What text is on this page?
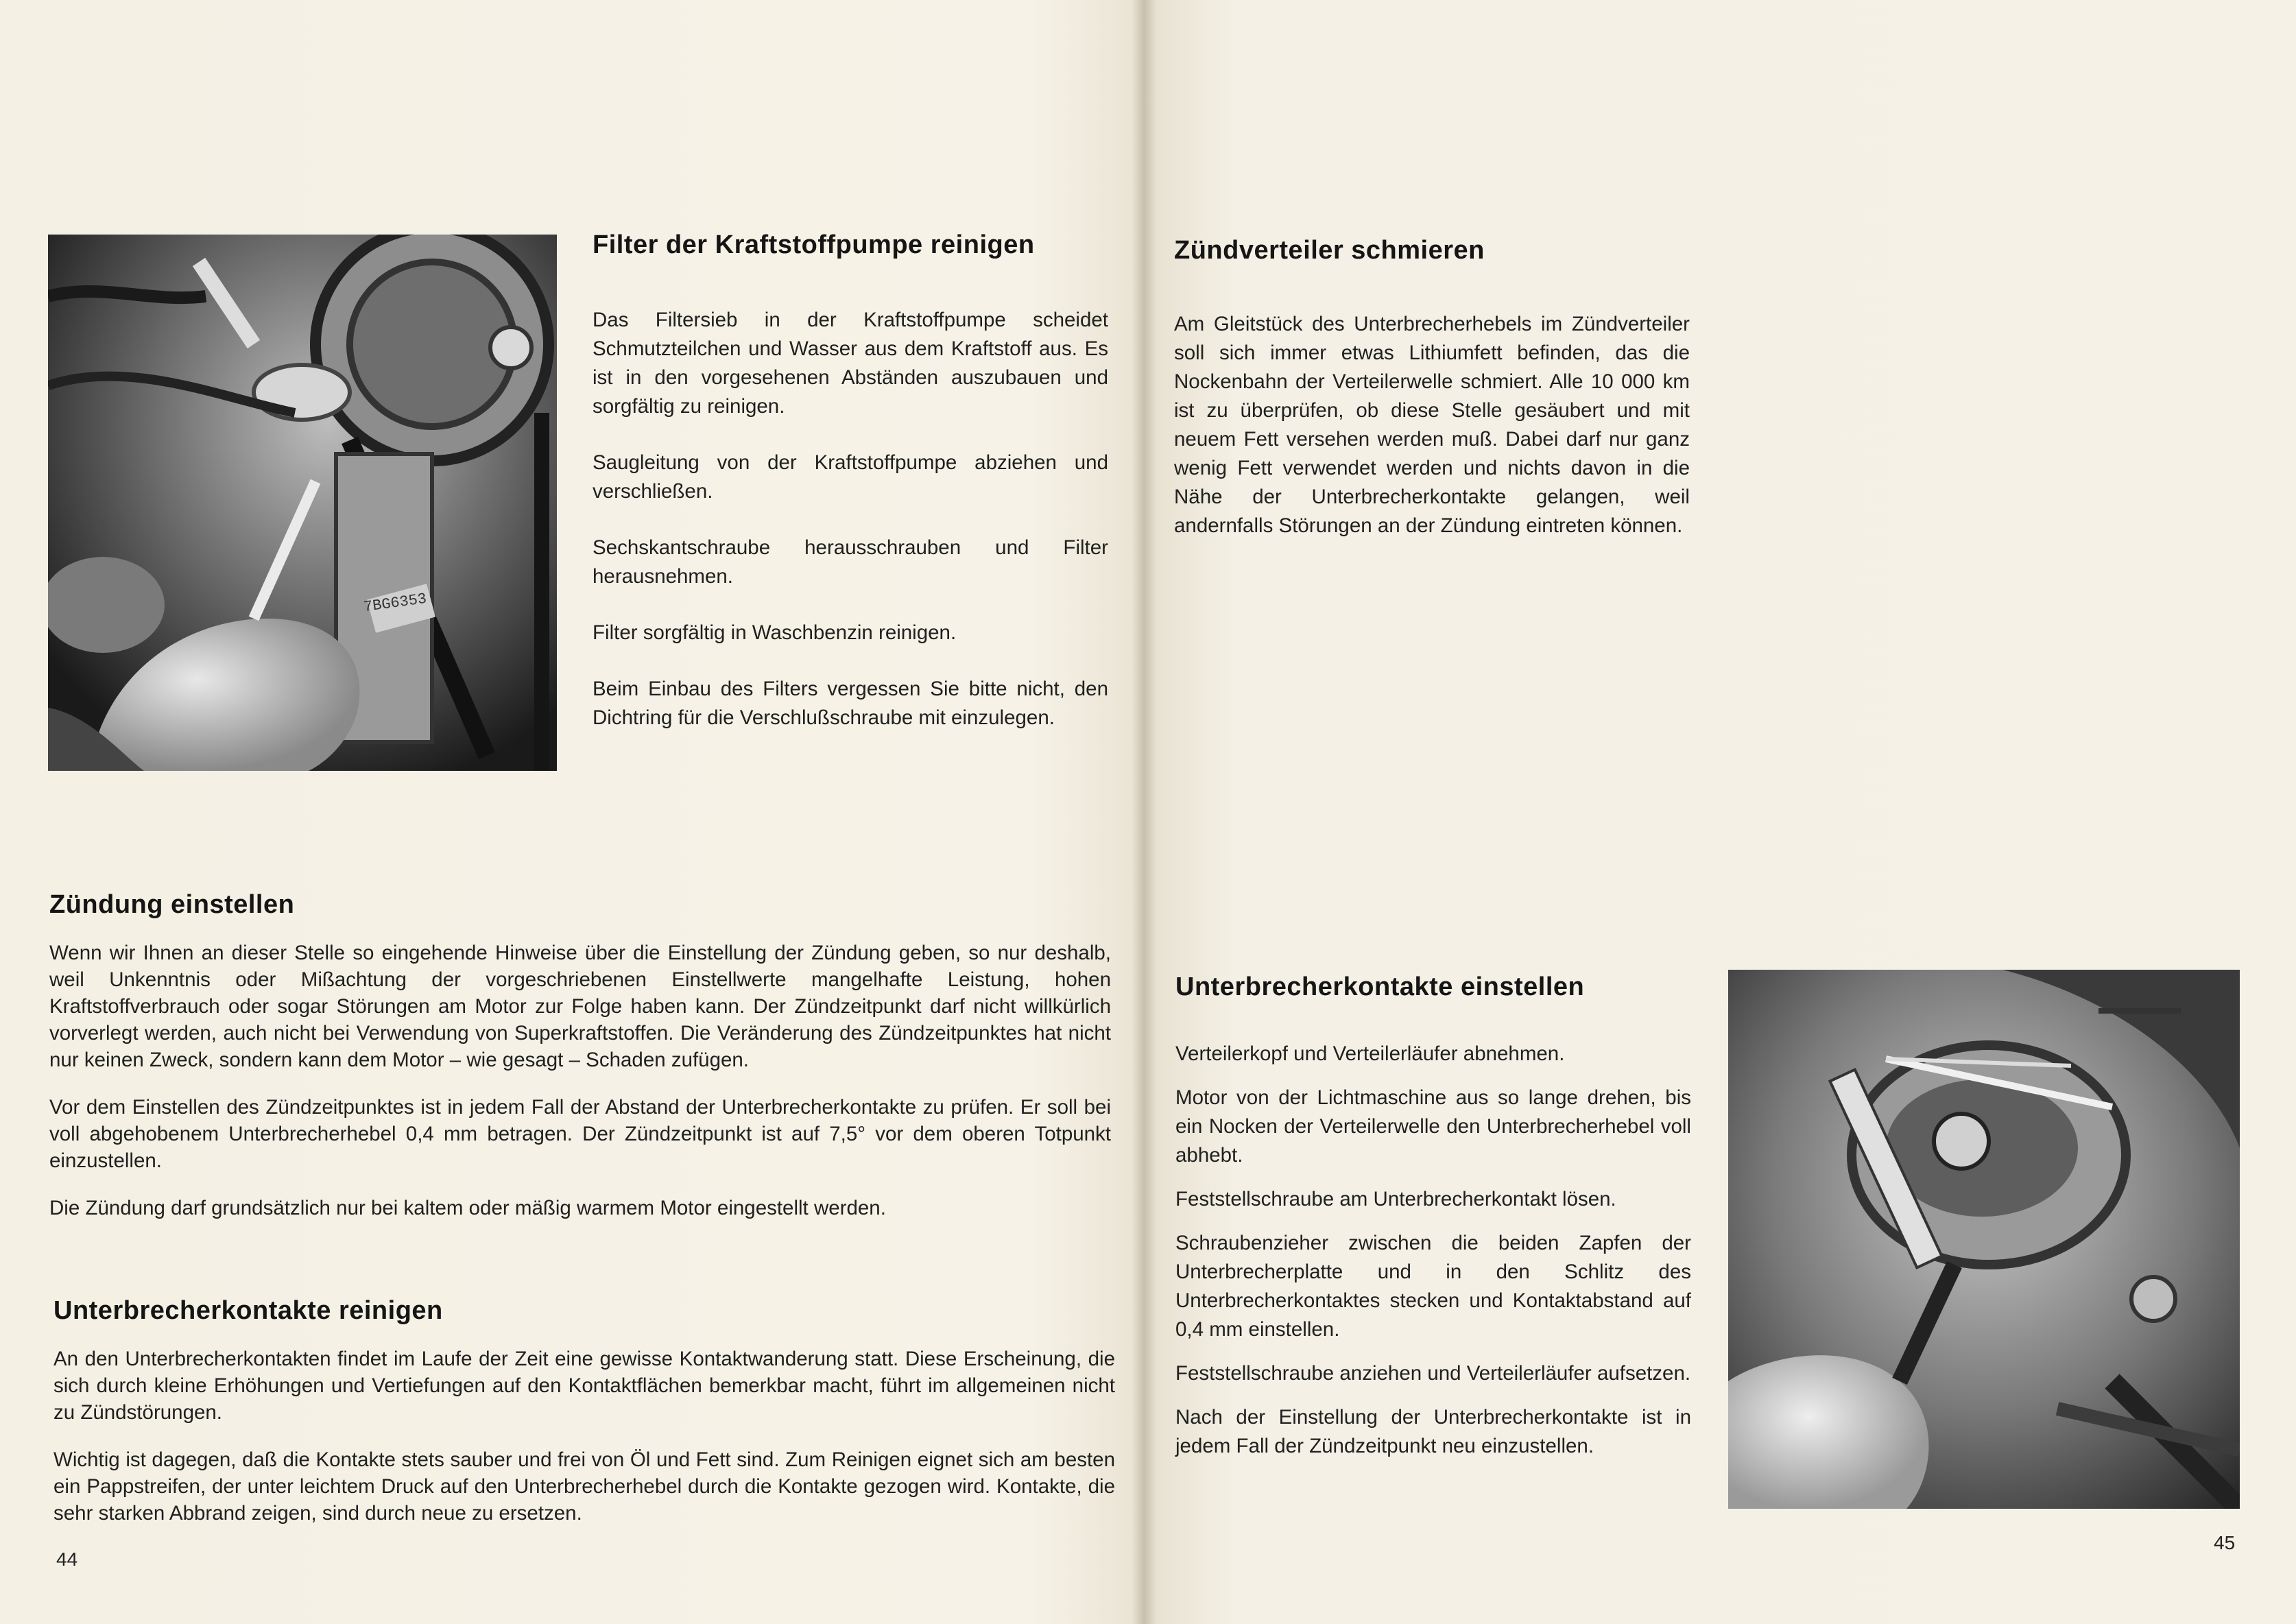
7BG6353
Filter der Kraftstoffpumpe reinigen

Das Filtersieb in der Kraftstoffpumpe scheidet Schmutzteilchen und Wasser aus dem Kraftstoff aus. Es ist in den vorgesehenen Abständen auszubauen und sorgfältig zu reinigen.

Saugleitung von der Kraftstoffpumpe abziehen und verschließen.

Sechskantschraube herausschrauben und Filter herausnehmen.

Filter sorgfältig in Waschbenzin reinigen.

Beim Einbau des Filters vergessen Sie bitte nicht, den Dichtring für die Verschlußschraube mit einzulegen.

Zündung einstellen

Wenn wir Ihnen an dieser Stelle so eingehende Hinweise über die Einstellung der Zündung geben, so nur deshalb, weil Unkenntnis oder Mißachtung der vorgeschriebenen Einstellwerte mangelhafte Leistung, hohen Kraftstoffverbrauch oder sogar Störungen am Motor zur Folge haben kann. Der Zündzeitpunkt darf nicht willkürlich vorverlegt werden, auch nicht bei Verwendung von Superkraftstoffen. Die Veränderung des Zündzeitpunktes hat nicht nur keinen Zweck, sondern kann dem Motor – wie gesagt – Schaden zufügen.

Vor dem Einstellen des Zündzeitpunktes ist in jedem Fall der Abstand der Unterbrecherkontakte zu prüfen. Er soll bei voll abgehobenem Unterbrecherhebel 0,4 mm betragen. Der Zündzeitpunkt ist auf 7,5° vor dem oberen Totpunkt einzustellen.

Die Zündung darf grundsätzlich nur bei kaltem oder mäßig warmem Motor eingestellt werden.

Unterbrecherkontakte reinigen

An den Unterbrecherkontakten findet im Laufe der Zeit eine gewisse Kontaktwanderung statt. Diese Erscheinung, die sich durch kleine Erhöhungen und Vertiefungen auf den Kontaktflächen bemerkbar macht, führt im allgemeinen nicht zu Zündstörungen.

Wichtig ist dagegen, daß die Kontakte stets sauber und frei von Öl und Fett sind. Zum Reinigen eignet sich am besten ein Pappstreifen, der unter leichtem Druck auf den Unterbrecherhebel durch die Kontakte gezogen wird. Kontakte, die sehr starken Abbrand zeigen, sind durch neue zu ersetzen.

44
Zündverteiler schmieren

Am Gleitstück des Unterbrecherhebels im Zündverteiler soll sich immer etwas Lithiumfett befinden, das die Nockenbahn der Verteilerwelle schmiert. Alle 10 000 km ist zu überprüfen, ob diese Stelle gesäubert und mit neuem Fett versehen werden muß. Dabei darf nur ganz wenig Fett verwendet werden und nichts davon in die Nähe der Unterbrecherkontakte gelangen, weil andernfalls Störungen an der Zündung eintreten können.

Unterbrecherkontakte einstellen

Verteilerkopf und Verteilerläufer abnehmen.

Motor von der Lichtmaschine aus so lange drehen, bis ein Nocken der Verteilerwelle den Unterbrecherhebel voll abhebt.

Feststellschraube am Unterbrecherkontakt lösen.

Schraubenzieher zwischen die beiden Zapfen der Unterbrecherplatte und in den Schlitz des Unterbrecherkontaktes stecken und Kontaktabstand auf 0,4 mm einstellen.

Feststellschraube anziehen und Verteilerläufer aufsetzen.

Nach der Einstellung der Unterbrecherkontakte ist in jedem Fall der Zündzeitpunkt neu einzustellen.

45
